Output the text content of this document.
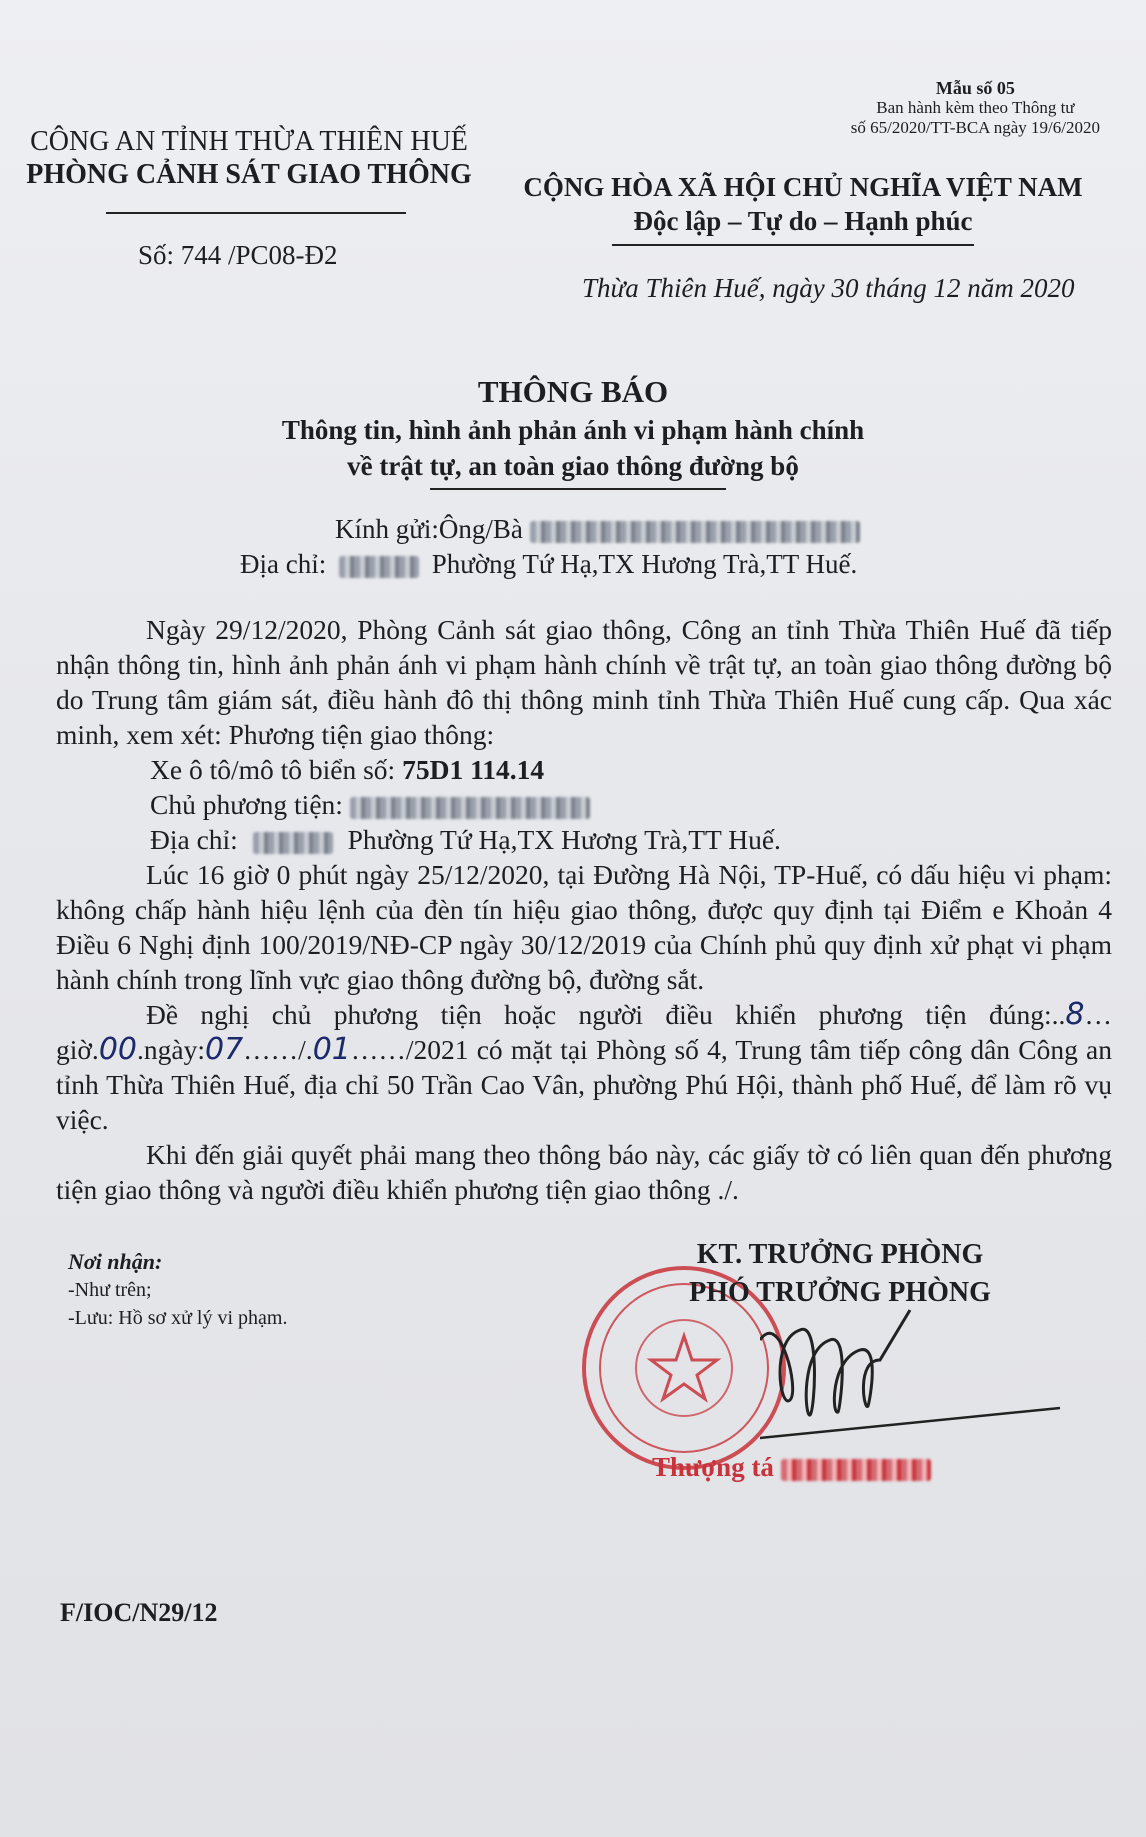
Mẫu số 05
Ban hành kèm theo Thông tư
số 65/2020/TT-BCA ngày 19/6/2020
CÔNG AN TỈNH THỪA THIÊN HUẾ
PHÒNG CẢNH SÁT GIAO THÔNG
Số: 744 /PC08-Đ2
CỘNG HÒA XÃ HỘI CHỦ NGHĨA VIỆT NAM
Độc lập – Tự do – Hạnh phúc
Thừa Thiên Huế, ngày 30 tháng 12 năm 2020
THÔNG BÁO
Thông tin, hình ảnh phản ánh vi phạm hành chính
về trật tự, an toàn giao thông đường bộ
Kính gửi:Ông/Bà
Địa chỉ:	Phường Tứ Hạ,TX Hương Trà,TT Huế.

Ngày 29/12/2020, Phòng Cảnh sát giao thông, Công an tỉnh Thừa Thiên Huế đã tiếp nhận thông tin, hình ảnh phản ánh vi phạm hành chính về trật tự, an toàn giao thông đường bộ do Trung tâm giám sát, điều hành đô thị thông minh tỉnh Thừa Thiên Huế cung cấp. Qua xác minh, xem xét: Phương tiện giao thông:

Xe ô tô/mô tô biển số: 75D1 114.14

Chủ phương tiện:

Địa chỉ:	Phường Tứ Hạ,TX Hương Trà,TT Huế.

Lúc 16 giờ 0 phút ngày 25/12/2020, tại Đường Hà Nội, TP-Huế, có dấu hiệu vi phạm: không chấp hành hiệu lệnh của đèn tín hiệu giao thông, được quy định tại Điểm e Khoản 4 Điều 6 Nghị định 100/2019/NĐ-CP ngày 30/12/2019 của Chính phủ quy định xử phạt vi phạm hành chính trong lĩnh vực giao thông đường bộ, đường sắt.

Đề nghị chủ phương tiện hoặc người điều khiển phương tiện đúng:..8… giờ.00.ngày:07……/.01……/2021 có mặt tại Phòng số 4, Trung tâm tiếp công dân Công an tỉnh Thừa Thiên Huế, địa chỉ 50 Trần Cao Vân, phường Phú Hội, thành phố Huế, để làm rõ vụ việc.

Khi đến giải quyết phải mang theo thông báo này, các giấy tờ có liên quan đến phương tiện giao thông và người điều khiển phương tiện giao thông ./.

Nơi nhận:
-Như trên;
-Lưu: Hồ sơ xử lý vi phạm.
KT. TRƯỞNG PHÒNG
PHÓ TRƯỞNG PHÒNG
Thượng tá
F/IOC/N29/12
